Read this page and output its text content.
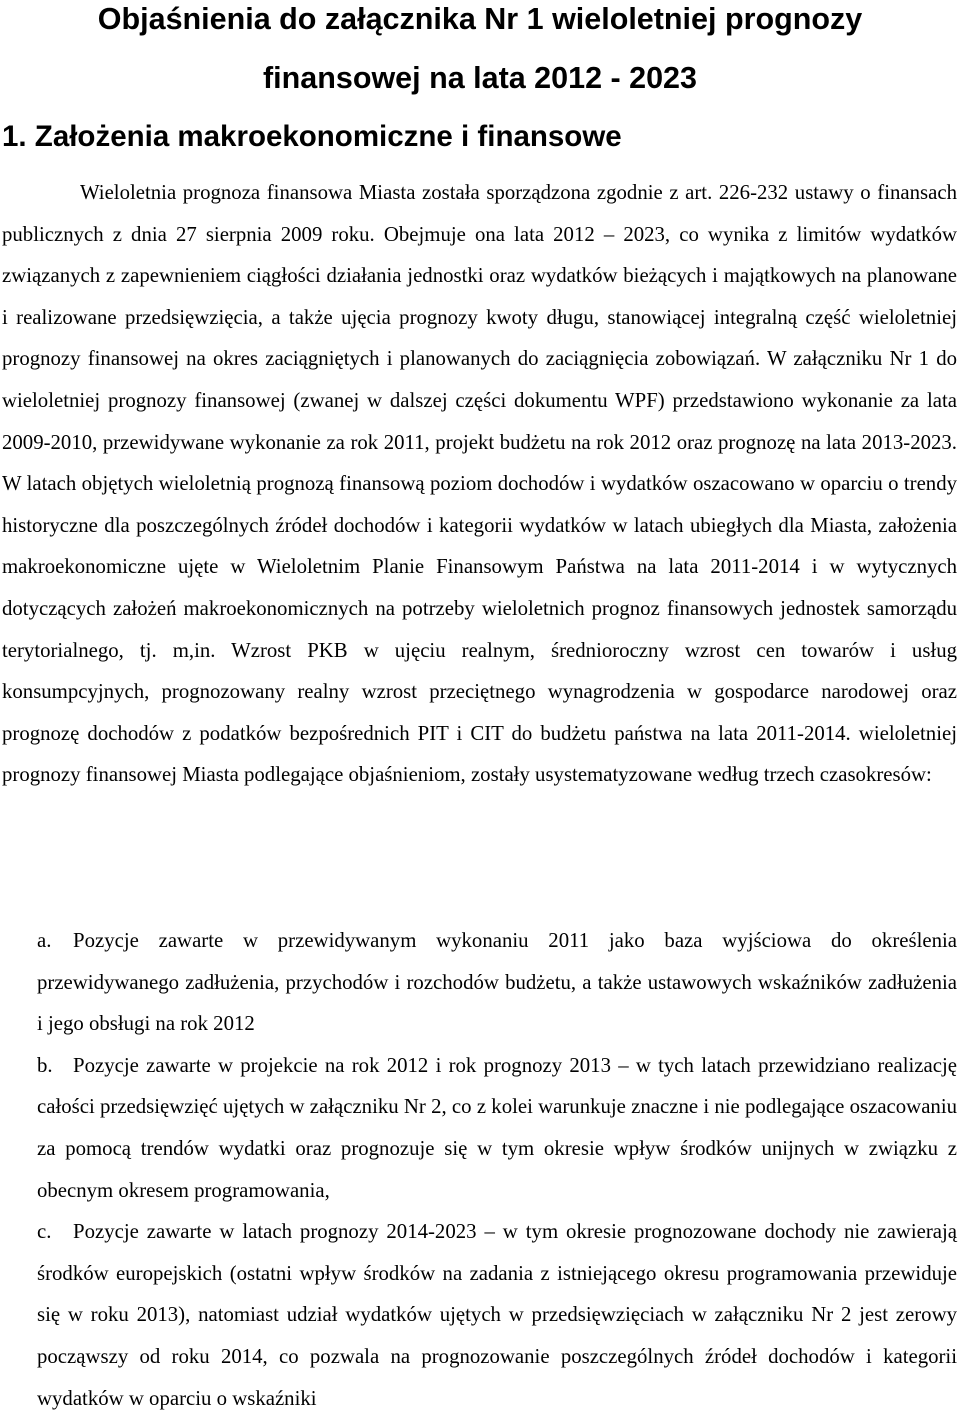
Objaśnienia do załącznika Nr 1 wieloletniej prognozy
finansowej na lata 2012 - 2023
1. Założenia makroekonomiczne i finansowe

Wieloletnia prognoza finansowa Miasta została sporządzona zgodnie z art. 226-232 ustawy o finansach publicznych z dnia 27 sierpnia 2009 roku. Obejmuje ona lata 2012 – 2023, co wynika z limitów wydatków związanych z zapewnieniem ciągłości działania jednostki oraz wydatków bieżących i majątkowych na planowane i realizowane przedsięwzięcia, a także ujęcia prognozy kwoty długu, stanowiącej integralną część wieloletniej prognozy finansowej na okres zaciągniętych i planowanych do zaciągnięcia zobowiązań. W załączniku Nr 1 do wieloletniej prognozy finansowej (zwanej w dalszej części dokumentu WPF) przedstawiono wykonanie za lata 2009-2010, przewidywane wykonanie za rok 2011, projekt budżetu na rok 2012 oraz prognozę na lata 2013-2023. W latach objętych wieloletnią prognozą finansową poziom dochodów i wydatków oszacowano w oparciu o trendy historyczne dla poszczególnych źródeł dochodów i kategorii wydatków w latach ubiegłych dla Miasta, założenia makroekonomiczne ujęte w Wieloletnim Planie Finansowym Państwa na lata 2011-2014 i w wytycznych dotyczących założeń makroekonomicznych na potrzeby wieloletnich prognoz finansowych jednostek samorządu terytorialnego, tj. m,in. Wzrost PKB w ujęciu realnym, średnioroczny wzrost cen towarów i usług konsumpcyjnych, prognozowany realny wzrost przeciętnego wynagrodzenia w gospodarce narodowej oraz prognozę dochodów z podatków bezpośrednich PIT i CIT do budżetu państwa na lata 2011-2014. wieloletniej prognozy finansowej Miasta podlegające objaśnieniom, zostały usystematyzowane według trzech czasokresów:

a. Pozycje zawarte w przewidywanym wykonaniu 2011 jako baza wyjściowa do określenia przewidywanego zadłużenia, przychodów i rozchodów budżetu, a także ustawowych wskaźników zadłużenia i jego obsługi na rok 2012
b. Pozycje zawarte w projekcie na rok 2012 i rok prognozy 2013 – w tych latach przewidziano realizację całości przedsięwzięć ujętych w załączniku Nr 2, co z kolei warunkuje znaczne i nie podlegające oszacowaniu za pomocą trendów wydatki oraz prognozuje się w tym okresie wpływ środków unijnych w związku z obecnym okresem programowania,
c. Pozycje zawarte w latach prognozy 2014-2023 – w tym okresie prognozowane dochody nie zawierają środków europejskich (ostatni wpływ środków na zadania z istniejącego okresu programowania przewiduje się w roku 2013), natomiast udział wydatków ujętych w przedsięwzięciach w załączniku Nr 2 jest zerowy począwszy od roku 2014, co pozwala na prognozowanie poszczególnych źródeł dochodów i kategorii wydatków w oparciu o wskaźniki
